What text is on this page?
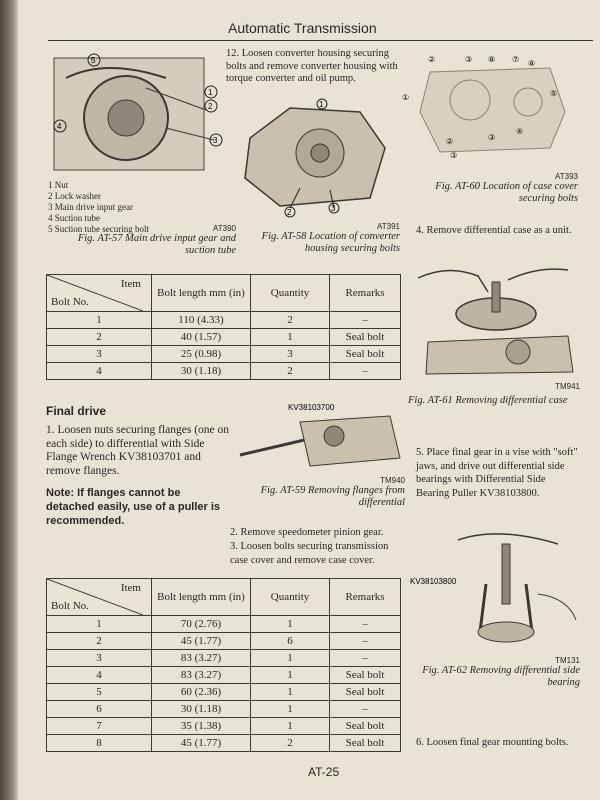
Automatic Transmission
5
1
2
3
4
1 Nut
2 Lock washer
3 Main drive input gear
4 Suction tube
5 Suction tube securing bolt	AT390
Fig. AT-57 Main drive input gear and suction tube
12. Loosen converter housing securing bolts and remove converter housing with torque converter and oil pump.
2	3
1
AT391
Fig. AT-58 Location of converter housing securing bolts
②	③ ⑧ ⑦ ⑧
①	⑤
②	③
④
③
AT393
Fig. AT-60 Location of case cover securing bolts
4. Remove differential case as a unit.
TM941
Fig. AT-61 Removing differential case
Item
Bolt No.	Bolt length mm (in)	Quantity	Remarks
1	110 (4.33)	2	–
2	40 (1.57)	1	Seal bolt
3	25 (0.98)	3	Seal bolt
4	30 (1.18)	2	–
Final drive
1. Loosen nuts securing flanges (one on each side) to differential with Side Flange Wrench KV38103701 and remove flanges.
Note: If flanges cannot be detached easily, use of a puller is recommended.
KV38103700
TM940
Fig. AT-59 Removing flanges from differential
2. Remove speedometer pinion gear.
3. Loosen bolts securing transmission case cover and remove case cover.
5. Place final gear in a vise with "soft" jaws, and drive out differential side bearings with Differential Side Bearing Puller KV38103800.
KV38103800
TM131
Fig. AT-62 Removing differential side bearing
6. Loosen final gear mounting bolts.
Item
Bolt No.	Bolt length mm (in)	Quantity	Remarks
1	70 (2.76)	1	–
2	45 (1.77)	6	–
3	83 (3.27)	1	–
4	83 (3.27)	1	Seal bolt
5	60 (2.36)	1	Seal bolt
6	30 (1.18)	1	–
7	35 (1.38)	1	Seal bolt
8	45 (1.77)	2	Seal bolt
AT-25
